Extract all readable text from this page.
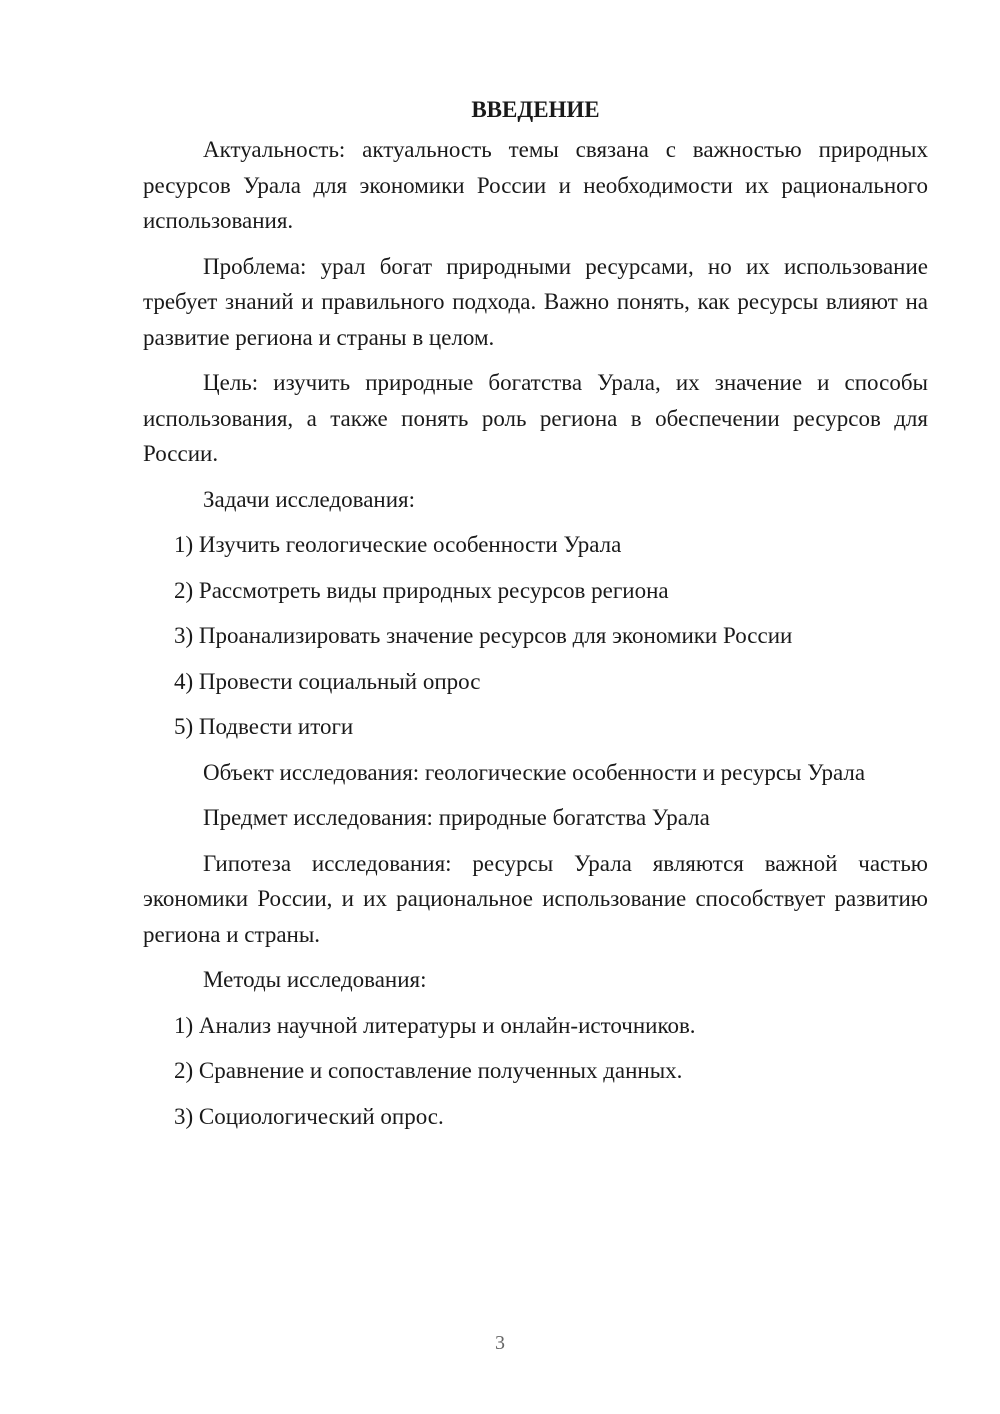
ВВЕДЕНИЕ

Актуальность: актуальность темы связана с важностью природных ресурсов Урала для экономики России и необходимости их рационального использования.

Проблема: урал богат природными ресурсами, но их использование требует знаний и правильного подхода. Важно понять, как ресурсы влияют на развитие региона и страны в целом.

Цель: изучить природные богатства Урала, их значение и способы использования, а также понять роль региона в обеспечении ресурсов для России.

Задачи исследования:
1) Изучить геологические особенности Урала
2) Рассмотреть виды природных ресурсов региона
3) Проанализировать значение ресурсов для экономики России
4) Провести социальный опрос
5) Подвести итоги
Объект исследования: геологические особенности и ресурсы Урала
Предмет исследования: природные богатства Урала

Гипотеза исследования: ресурсы Урала являются важной частью экономики России, и их рациональное использование способствует развитию региона и страны.

Методы исследования:
1) Анализ научной литературы и онлайн-источников.
2) Сравнение и сопоставление полученных данных.
3) Социологический опрос.
3
